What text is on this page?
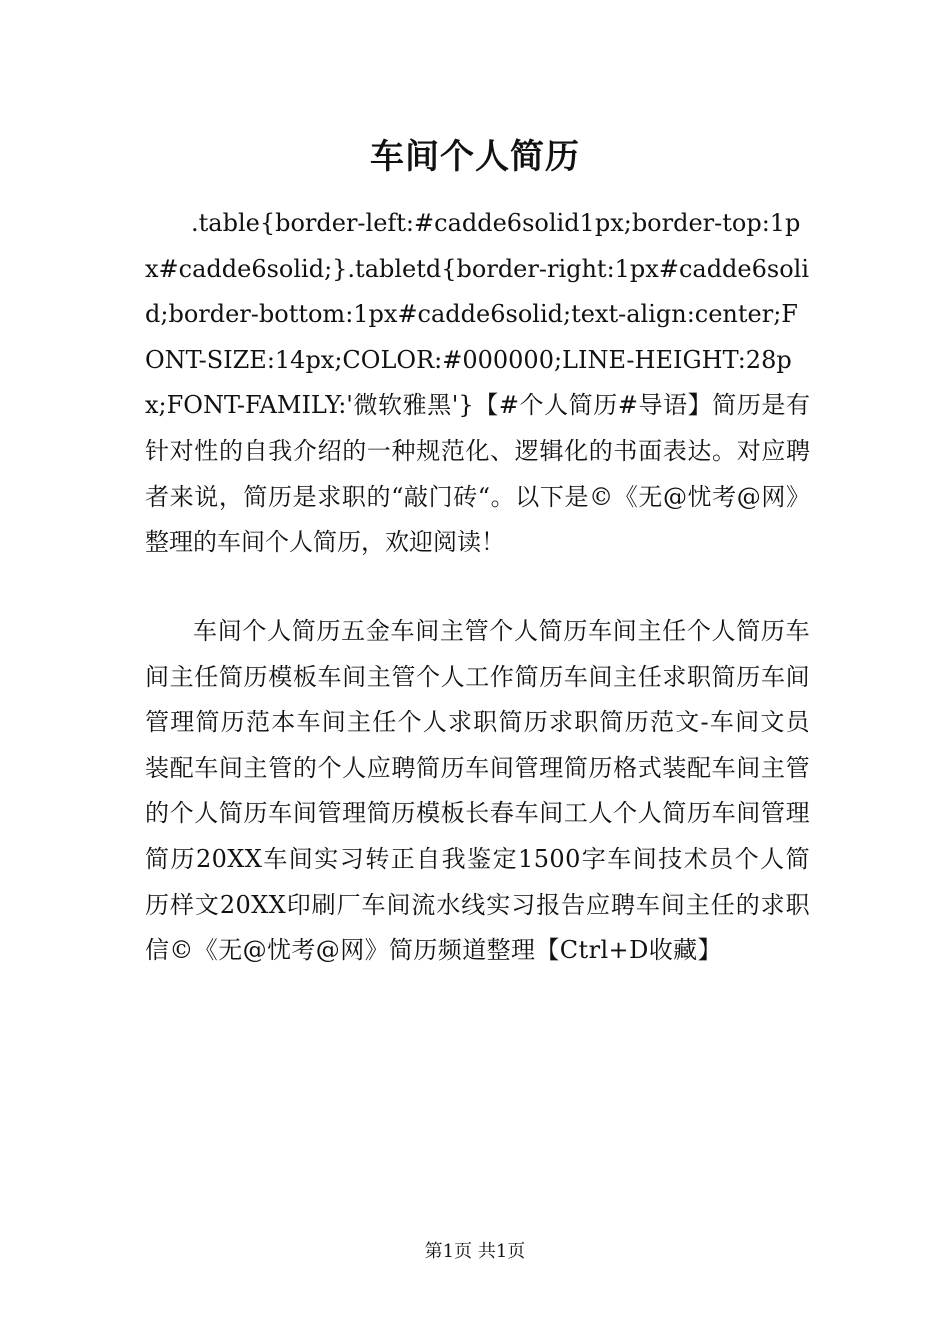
车间个人简历

.table{border-left:#cadde6solid1px;border-top:1px#cadde6solid;}.tabletd{border-right:1px#cadde6solid;border-bottom:1px#cadde6solid;text-align:center;FONT-SIZE:14px;COLOR:#000000;LINE-HEIGHT:28px;FONT-FAMILY:'微软雅黑'}【#个人简历#导语】简历是有针对性的自我介绍的一种规范化、逻辑化的书面表达。对应聘者来说，简历是求职的“敲门砖“。以下是©《无@忧考@网》整理的车间个人简历，欢迎阅读！

车间个人简历五金车间主管个人简历车间主任个人简历车间主任简历模板车间主管个人工作简历车间主任求职简历车间管理简历范本车间主任个人求职简历求职简历范文-车间文员装配车间主管的个人应聘简历车间管理简历格式装配车间主管的个人简历车间管理简历模板长春车间工人个人简历车间管理简历20XX车间实习转正自我鉴定1500字车间技术员个人简历样文20XX印刷厂车间流水线实习报告应聘车间主任的求职信©《无@忧考@网》简历频道整理【Ctrl+D收藏】

第1页 共1页
